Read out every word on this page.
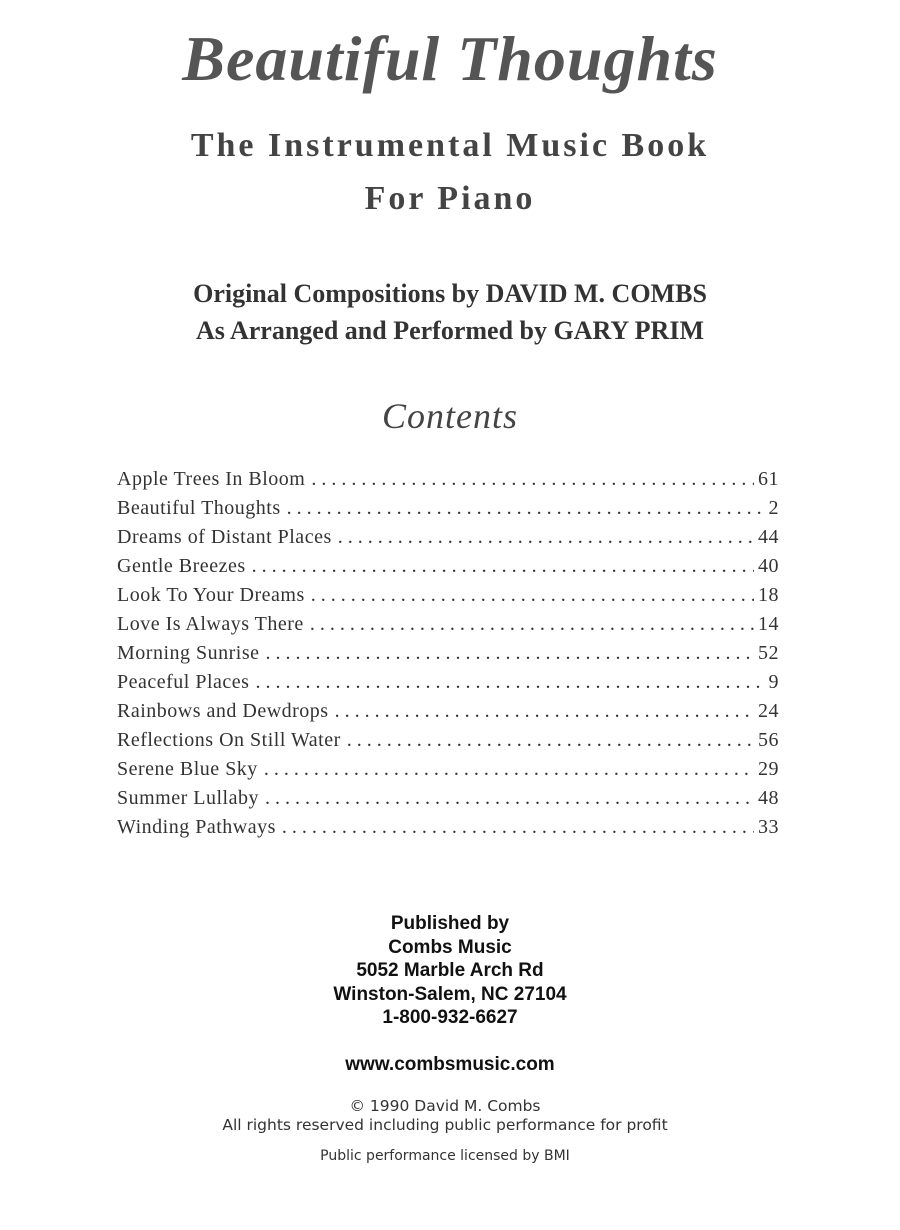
Beautiful Thoughts
The Instrumental Music Book
For Piano
Original Compositions by DAVID M. COMBS
As Arranged and Performed by GARY PRIM
Contents
Apple Trees In Bloom . . .	61
Beautiful Thoughts . . .	2
Dreams of Distant Places . . .	44
Gentle Breezes . . .	40
Look To Your Dreams . . .	18
Love Is Always There . . .	14
Morning Sunrise . . .	52
Peaceful Places . . .	9
Rainbows and Dewdrops . . .	24
Reflections On Still Water . . .	56
Serene Blue Sky . . .	29
Summer Lullaby . . .	48
Winding Pathways . . .	33
Published by
Combs Music
5052 Marble Arch Rd
Winston-Salem, NC 27104
1-800-932-6627
www.combsmusic.com
© 1990 David M. Combs
All rights reserved including public performance for profit
Public performance licensed by BMI
